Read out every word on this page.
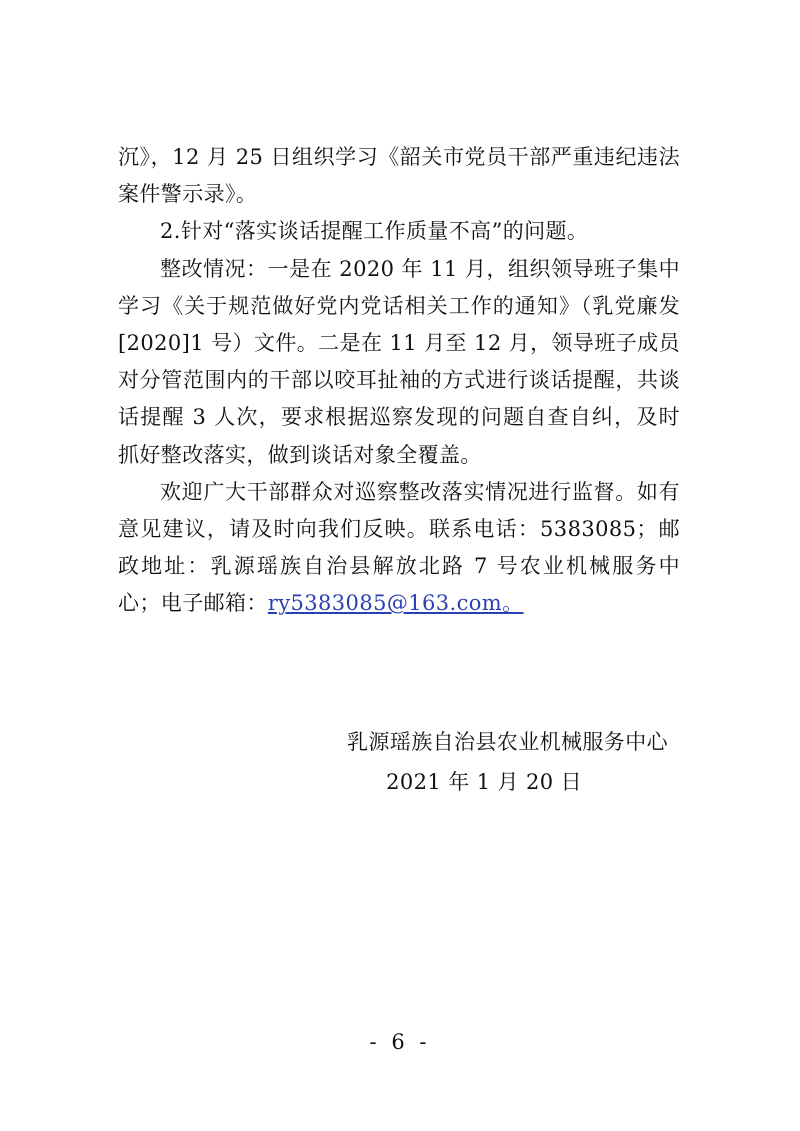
沉》，12 月 25 日组织学习《韶关市党员干部严重违纪违法案件警示录》。

2.针对“落实谈话提醒工作质量不高”的问题。

整改情况：一是在 2020 年 11 月，组织领导班子集中学习《关于规范做好党内党话相关工作的通知》（乳党廉发[2020]1 号）文件。二是在 11 月至 12 月，领导班子成员对分管范围内的干部以咬耳扯袖的方式进行谈话提醒，共谈话提醒 3 人次，要求根据巡察发现的问题自查自纠，及时抓好整改落实，做到谈话对象全覆盖。

欢迎广大干部群众对巡察整改落实情况进行监督。如有意见建议，请及时向我们反映。联系电话：5383085；邮政地址：乳源瑶族自治县解放北路 7 号农业机械服务中心；电子邮箱：ry5383085@163.com。

乳源瑶族自治县农业机械服务中心
2021 年 1 月 20 日
- 6 -
